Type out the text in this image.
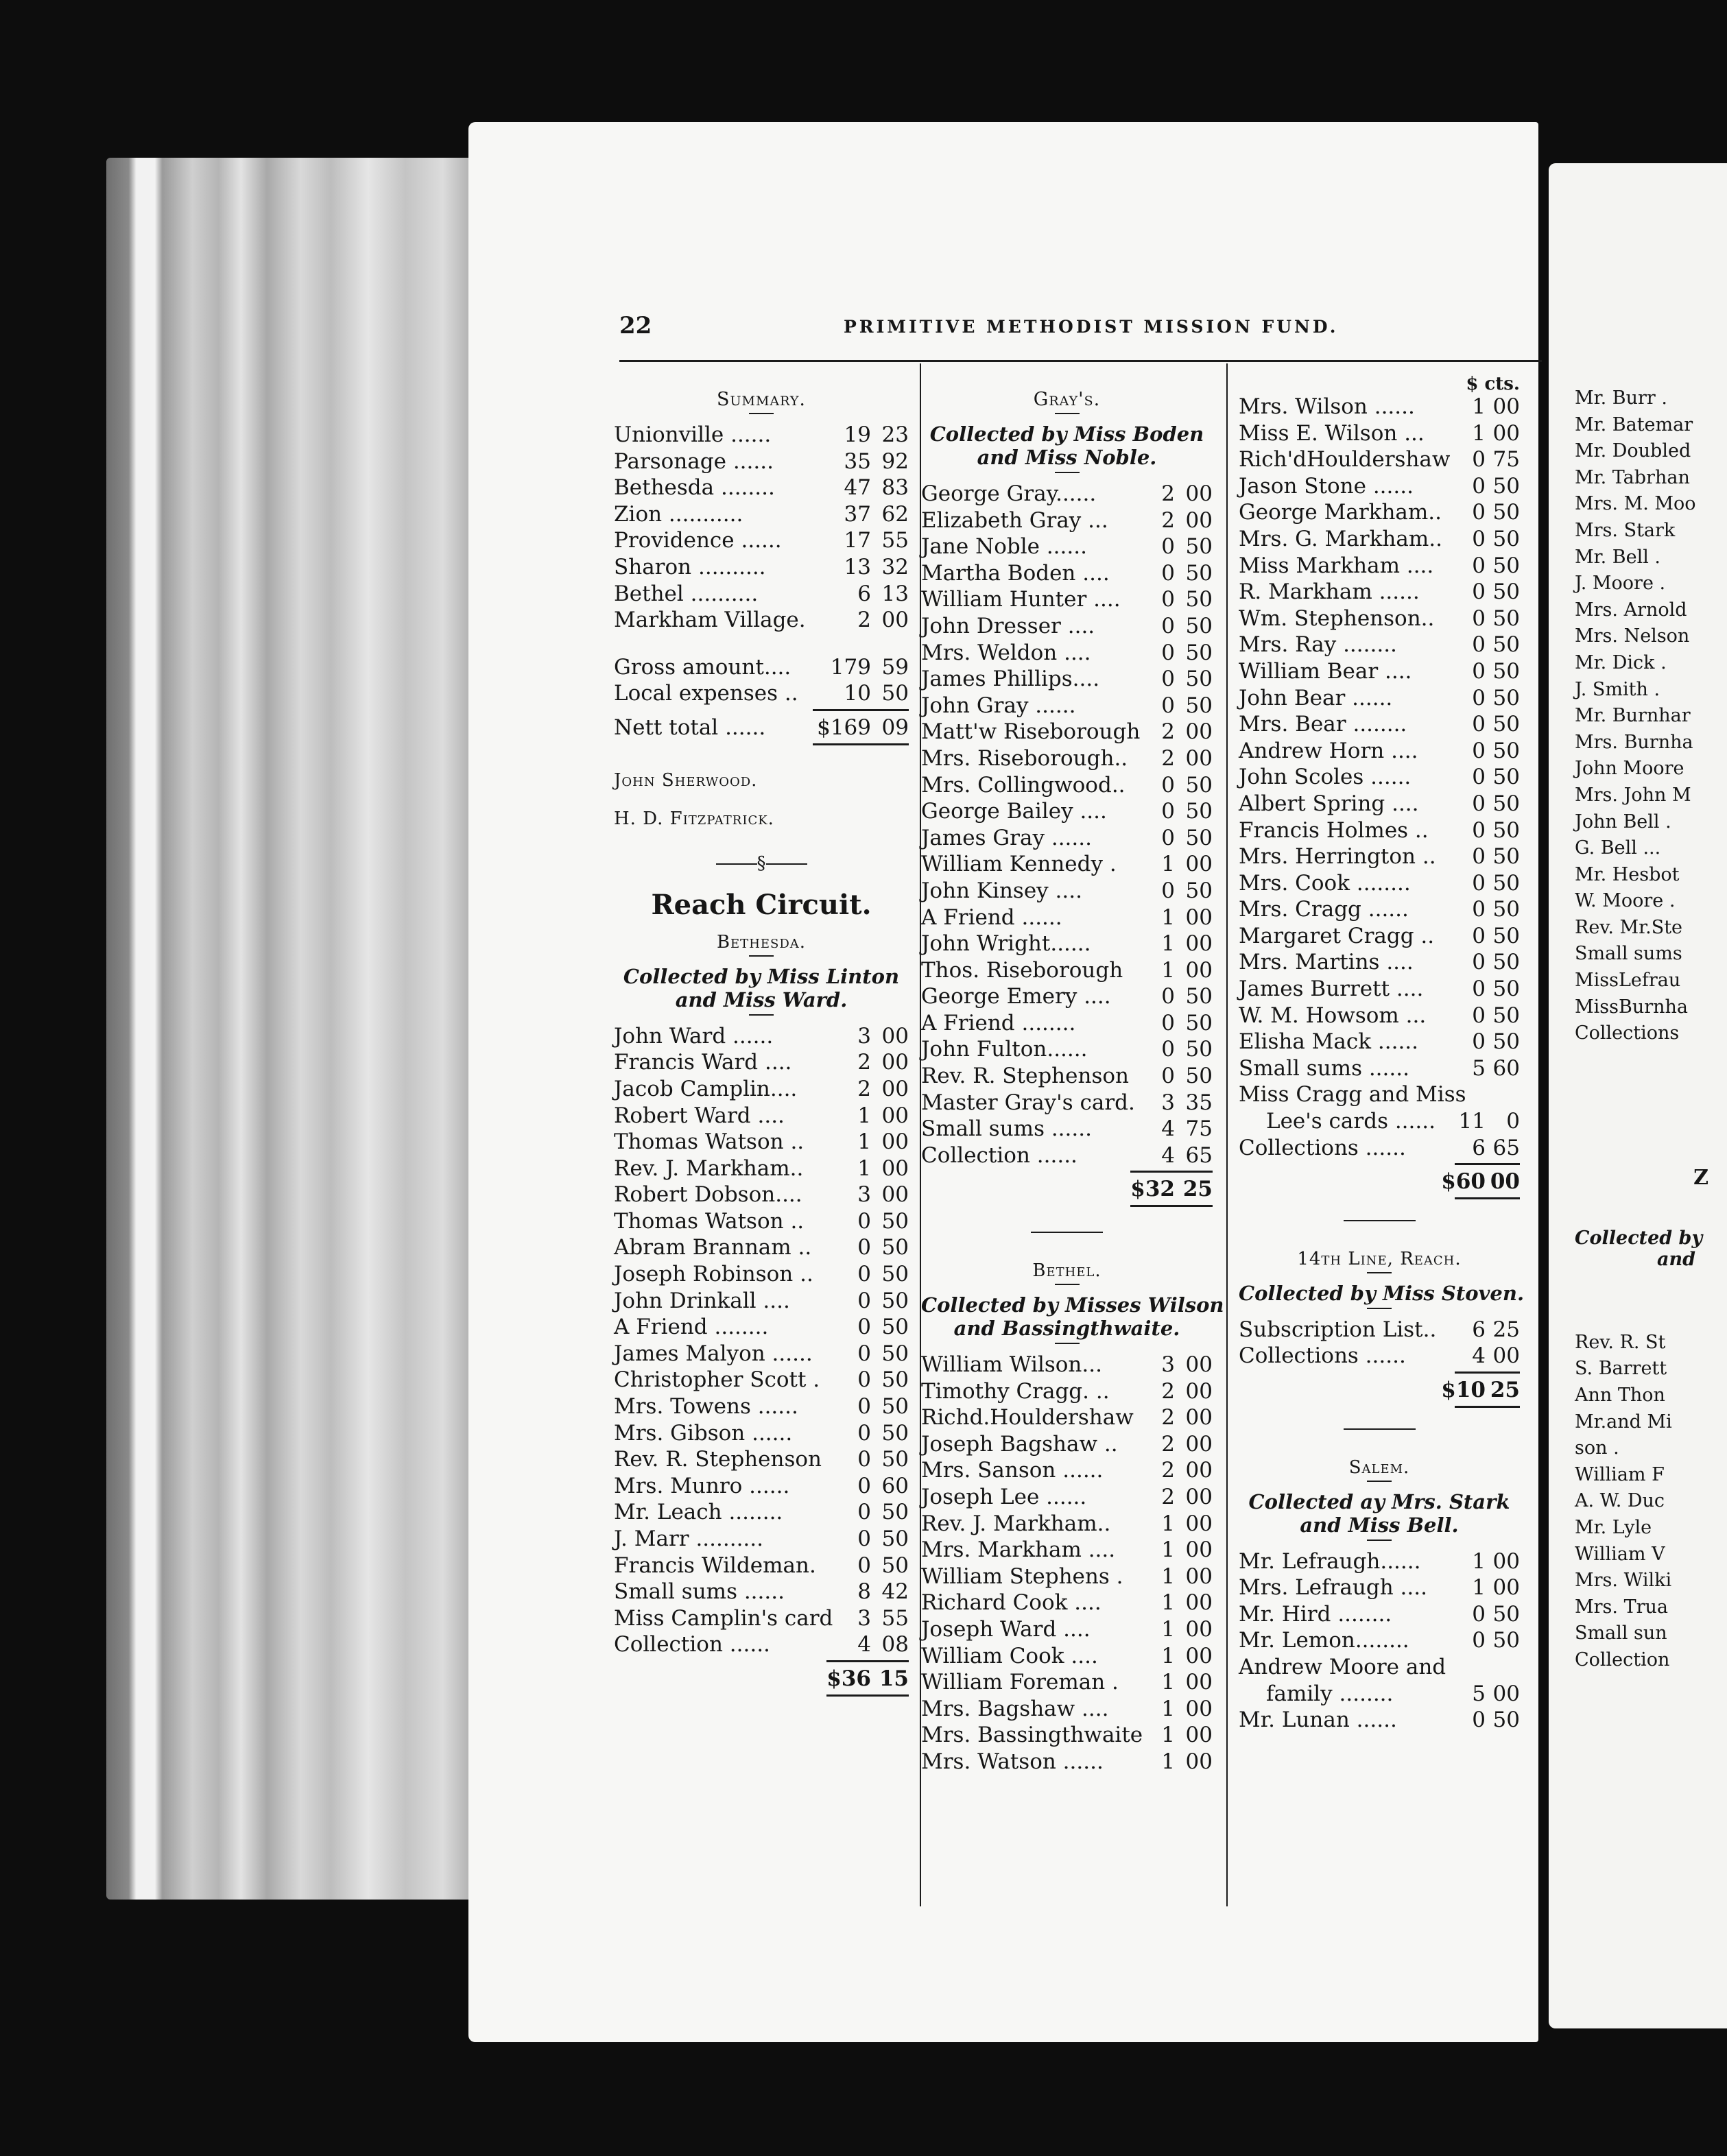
22	PRIMITIVE METHODIST MISSION FUND.
Summary.
Unionville ......	19 23
Parsonage ......	35 92
Bethesda ........	47 83
Zion ...........	37 62
Providence ......	17 55
Sharon ..........	13 32
Bethel ..........	6 13
Markham Village. 2 00
Gross amount.... 179 59
Local expenses .. 10 50
Nett total ...... $169 09
John Sherwood.
H. D. Fitzpatrick.
§
Reach Circuit.
Bethesda.
Collected by Miss Linton
and Miss Ward.
John Ward ......	3 00
Francis Ward ....	2 00
Jacob Camplin....	2 00
Robert Ward ....	1 00
Thomas Watson ..	1 00
Rev. J. Markham..	1 00
Robert Dobson....	3 00
Thomas Watson ..	0 50
Abram Brannam .. 0 50
Joseph Robinson .. 0 50
John Drinkall ....	0 50
A Friend ........	0 50
James Malyon ...... 0 50
Christopher Scott . 0 50
Mrs. Towens ......	0 50
Mrs. Gibson ......	0 50
Rev. R. Stephenson 0 50
Mrs. Munro ......	0 60
Mr. Leach ........	0 50
J. Marr ..........	0 50
Francis Wildeman. 0 50
Small sums ......	8 42
Miss Camplin's card 3 55
Collection ......	4 08
$36 15
Gray's.
Collected by Miss Boden
and Miss Noble.
George Gray......	2 00
Elizabeth Gray ...	2 00
Jane Noble ......	0 50
Martha Boden .... 0 50
William Hunter .... 0 50
John Dresser ....	0 50
Mrs. Weldon ....	0 50
James Phillips....	0 50
John Gray ......	0 50
Matt'w Riseborough 2 00
Mrs. Riseborough.. 2 00
Mrs. Collingwood.. 0 50
George Bailey ....	0 50
James Gray ......	0 50
William Kennedy . 1 00
John Kinsey ....	0 50
A Friend ......	1 00
John Wright......	1 00
Thos. Riseborough 1 00
George Emery .... 0 50
A Friend ........	0 50
John Fulton......	0 50
Rev. R. Stephenson 0 50
Master Gray's card. 3 35
Small sums ......	4 75
Collection ......	4 65
$32 25
Bethel.
Collected by Misses Wilson
and Bassingthwaite.
William Wilson...	3 00
Timothy Cragg. .. 2 00
Richd.Houldershaw 2 00
Joseph Bagshaw .. 2 00
Mrs. Sanson ......	2 00
Joseph Lee ......	2 00
Rev. J. Markham.. 1 00
Mrs. Markham .... 1 00
William Stephens . 1 00
Richard Cook ....	1 00
Joseph Ward ....	1 00
William Cook ....	1 00
William Foreman . 1 00
Mrs. Bagshaw .... 1 00
Mrs. Bassingthwaite 1 00
Mrs. Watson ......	1 00
$ cts.
Mrs. Wilson ......	1 00
Miss E. Wilson ... 1 00
Rich'dHouldershaw 0 75
Jason Stone ......	0 50
George Markham.. 0 50
Mrs. G. Markham.. 0 50
Miss Markham .... 0 50
R. Markham ...... 0 50
Wm. Stephenson.. 0 50
Mrs. Ray ........	0 50
William Bear ....	0 50
John Bear ......	0 50
Mrs. Bear ........	0 50
Andrew Horn ....	0 50
John Scoles ......	0 50
Albert Spring ....	0 50
Francis Holmes .. 0 50
Mrs. Herrington .. 0 50
Mrs. Cook ........	0 50
Mrs. Cragg ......	0 50
Margaret Cragg .. 0 50
Mrs. Martins ....	0 50
James Burrett .... 0 50
W. M. Howsom ... 0 50
Elisha Mack ......	0 50
Small sums ......	5 60
Miss Cragg and Miss
Lee's cards ...... 11 0
Collections ......	6 65
$60 00
14th Line, Reach.
Collected by Miss Stoven.
Subscription List.. 6 25
Collections ......	4 00
$10 25
Salem.
Collected ay Mrs. Stark
and Miss Bell.
Mr. Lefraugh...... 1 00
Mrs. Lefraugh .... 1 00
Mr. Hird ........	0 50
Mr. Lemon........	0 50
Andrew Moore and
family ........	5 00
Mr. Lunan ......	0 50
Mr. Burr .
Mr. Batemar
Mr. Doubled
Mr. Tabrhan
Mrs. M. Moo
Mrs. Stark
Mr. Bell .
J. Moore .
Mrs. Arnold
Mrs. Nelson
Mr. Dick .
J. Smith .
Mr. Burnhar
Mrs. Burnha
John Moore
Mrs. John M
John Bell .
G. Bell ...
Mr. Hesbot
W. Moore .
Rev. Mr.Ste
Small sums
MissLefrau
MissBurnha
Collections
Z
Collected by
and
Rev. R. St
S. Barrett
Ann Thon
Mr.and Mi
son .
William F
A. W. Duc
Mr. Lyle
William V
Mrs. Wilki
Mrs. Trua
Small sun
Collection
